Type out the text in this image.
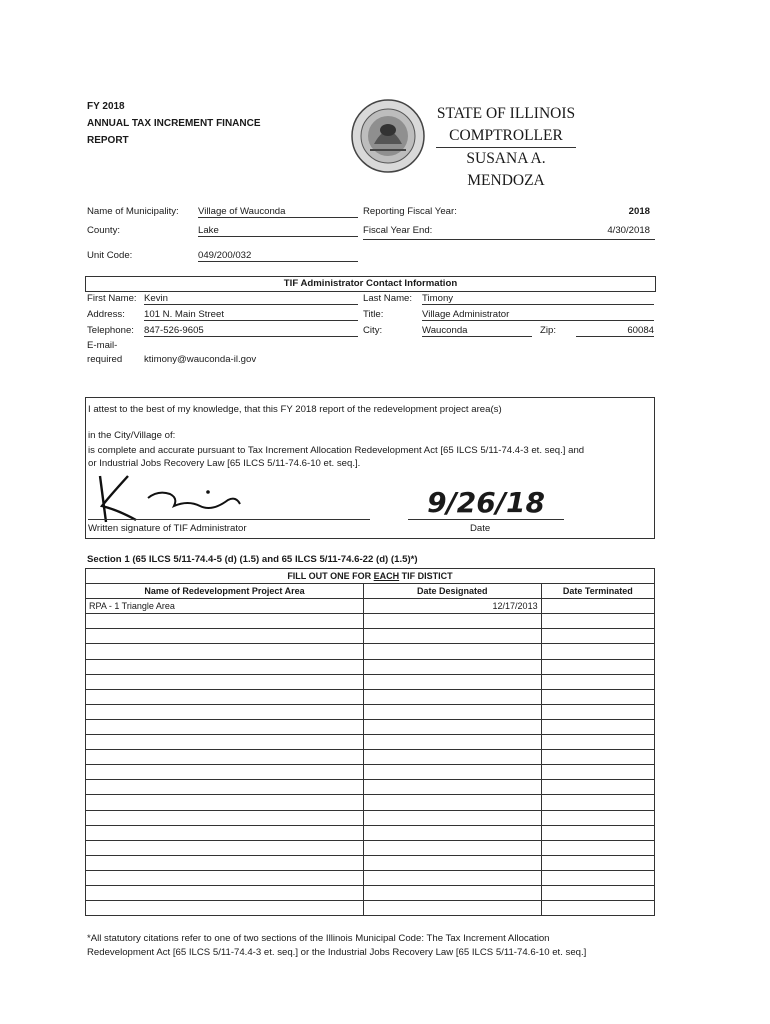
FY 2018
ANNUAL TAX INCREMENT FINANCE
REPORT
STATE OF ILLINOIS
COMPTROLLER
SUSANA A. MENDOZA
Name of Municipality: Village of Wauconda
County:	Lake
Unit Code:	049/200/032
Reporting Fiscal Year:	2018
Fiscal Year End:	4/30/2018
TIF Administrator Contact Information
First Name: Kevin
Address: 101 N. Main Street
Telephone: 847-526-9605
E-mail-
required ktimony@wauconda-il.gov
Last Name: Timony
Title:	Village Administrator
City:	Wauconda	Zip:	60084
I attest to the best of my knowledge, that this FY 2018 report of the redevelopment project area(s)
in the City/Village of:
is complete and accurate pursuant to Tax Increment Allocation Redevelopment Act [65 ILCS 5/11-74.4-3 et. seq.] and
or Industrial Jobs Recovery Law [65 ILCS 5/11-74.6-10 et. seq.].
Written signature of TIF Administrator
9/26/18
Date
Section 1 (65 ILCS 5/11-74.4-5 (d) (1.5) and 65 ILCS 5/11-74.6-22 (d) (1.5)*)
FILL OUT ONE FOR EACH TIF DISTICT		
Name of Redevelopment Project Area	Date Designated	Date Terminated
RPA - 1 Triangle Area	12/17/2013	

*All statutory citations refer to one of two sections of the Illinois Municipal Code: The Tax Increment Allocation
Redevelopment Act [65 ILCS 5/11-74.4-3 et. seq.] or the Industrial Jobs Recovery Law [65 ILCS 5/11-74.6-10 et. seq.]
